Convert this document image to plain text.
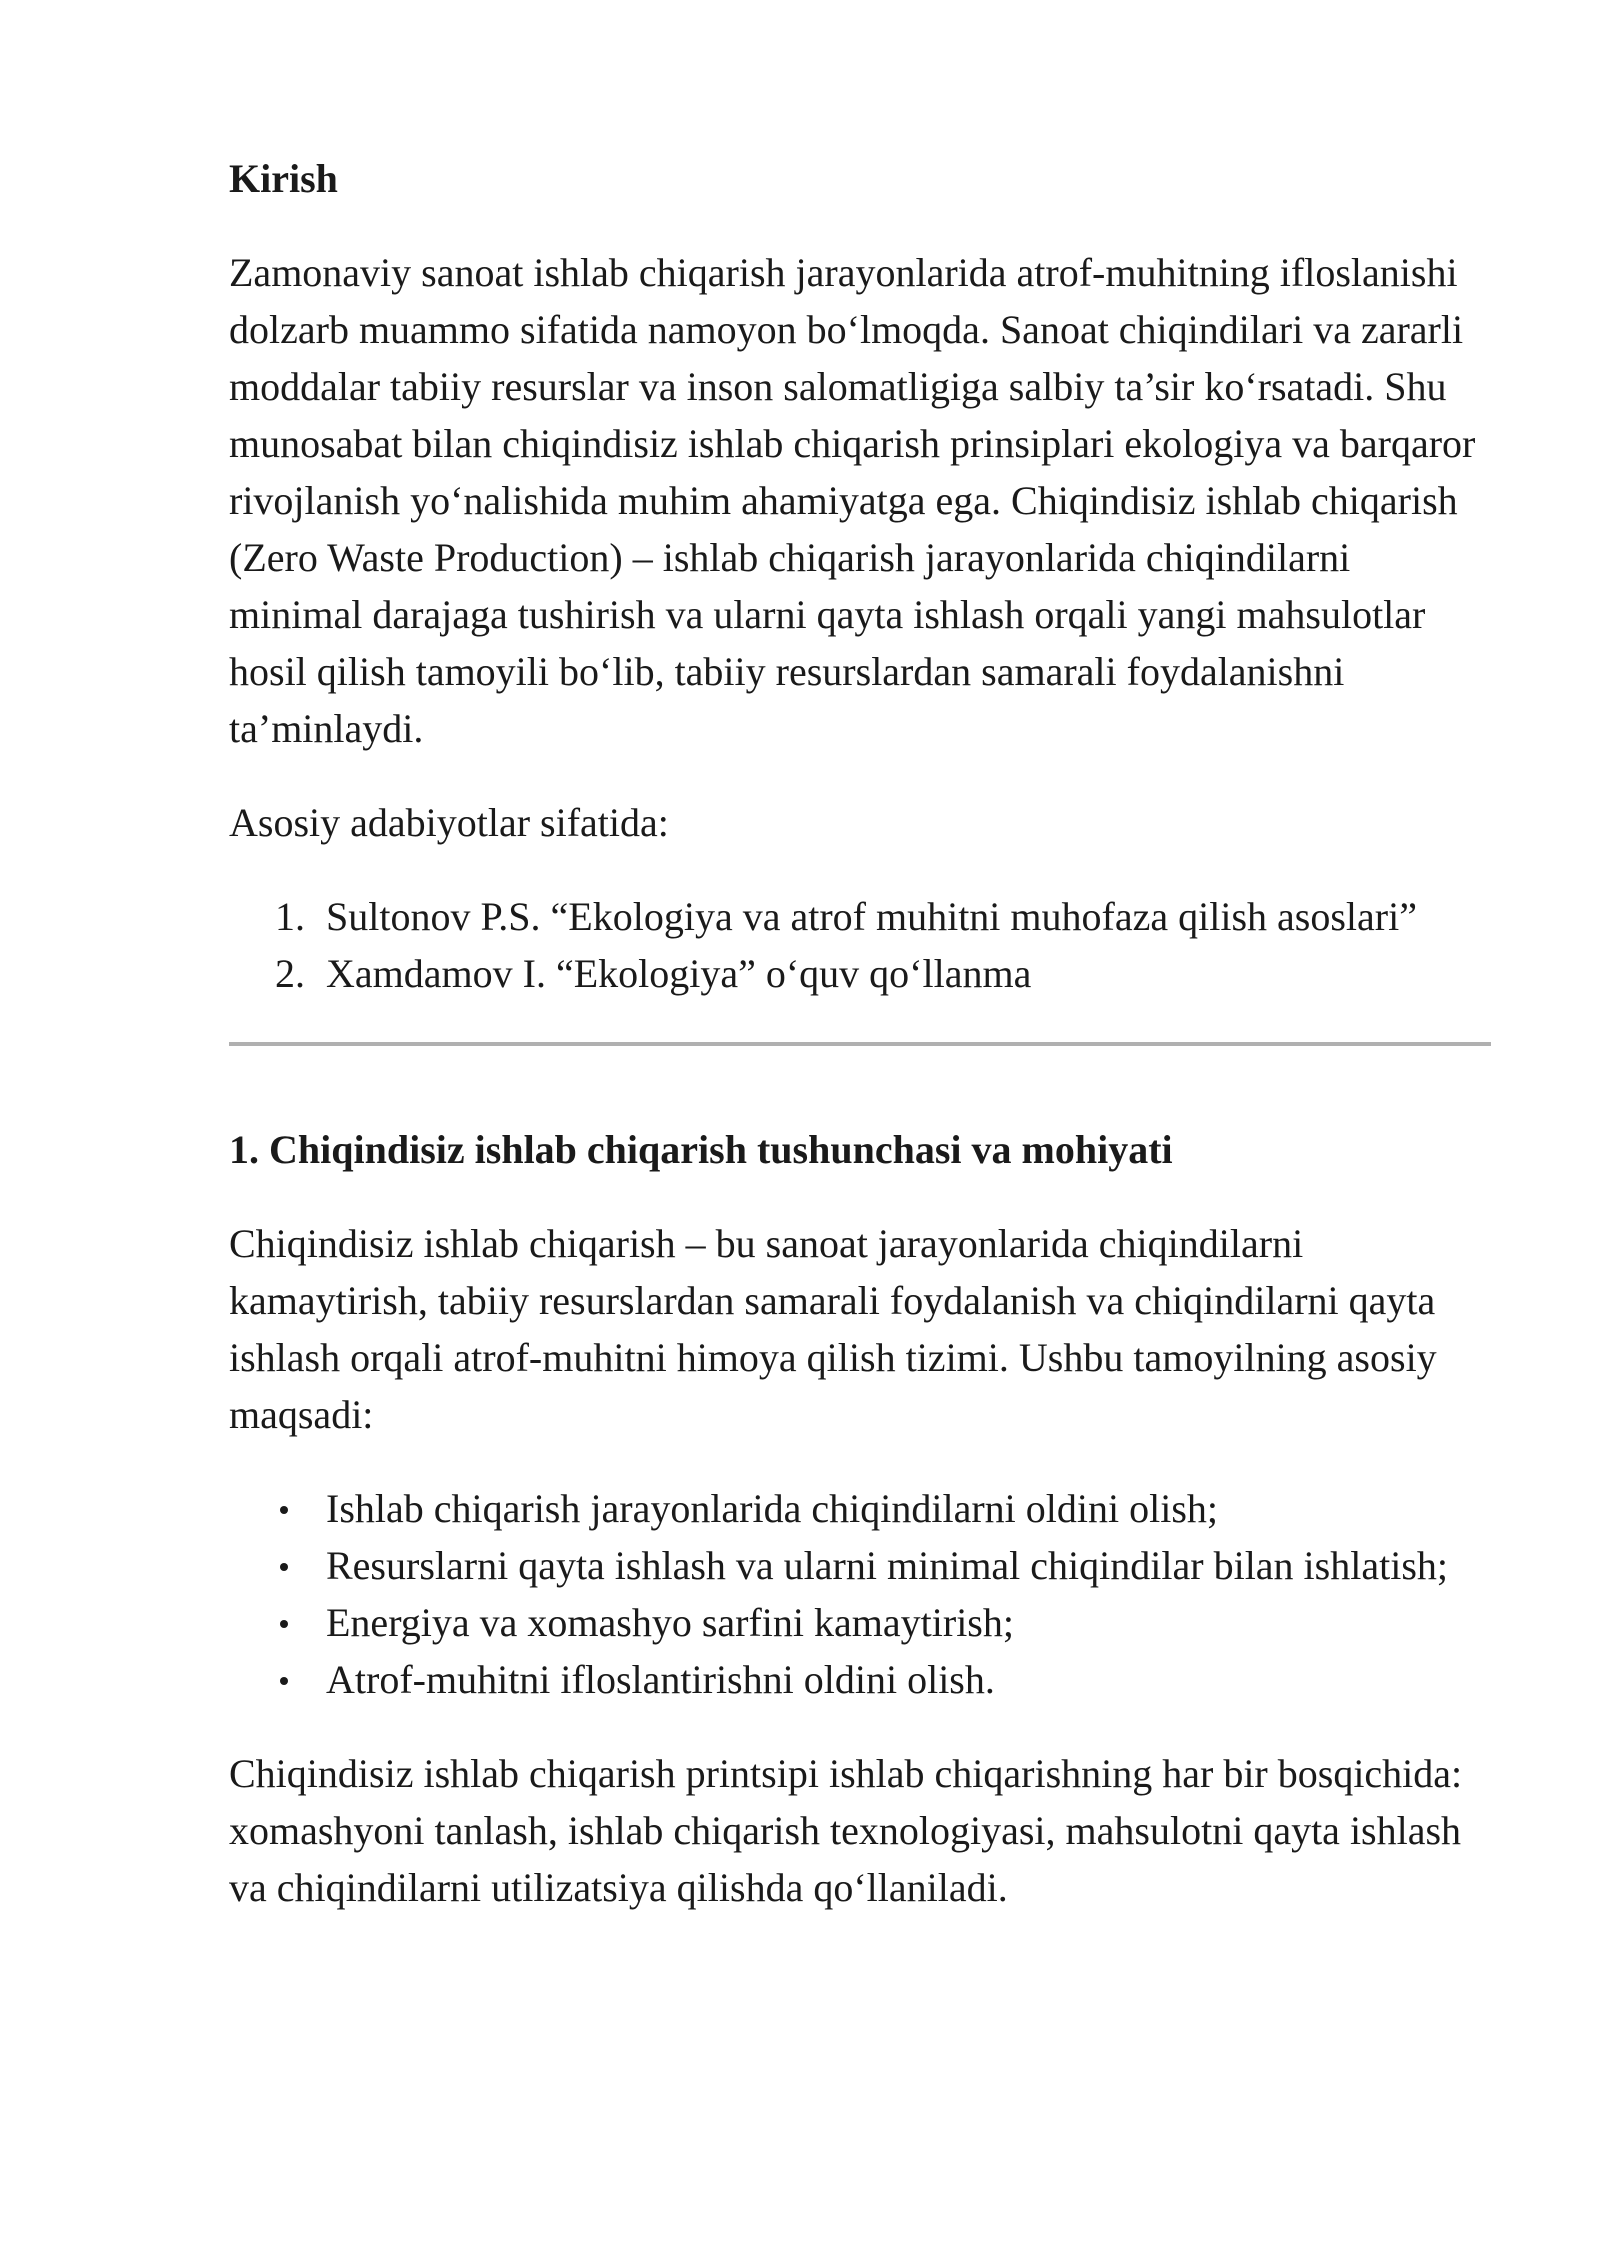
Kirish

Zamonaviy sanoat ishlab chiqarish jarayonlarida atrof-muhitning ifloslanishi dolzarb muammo sifatida namoyon bo‘lmoqda. Sanoat chiqindilari va zararli moddalar tabiiy resurslar va inson salomatligiga salbiy ta’sir ko‘rsatadi. Shu munosabat bilan chiqindisiz ishlab chiqarish prinsiplari ekologiya va barqaror rivojlanish yo‘nalishida muhim ahamiyatga ega. Chiqindisiz ishlab chiqarish (Zero Waste Production) – ishlab chiqarish jarayonlarida chiqindilarni minimal darajaga tushirish va ularni qayta ishlash orqali yangi mahsulotlar hosil qilish tamoyili bo‘lib, tabiiy resurslardan samarali foydalanishni ta’minlaydi.

Asosiy adabiyotlar sifatida:

1. Sultonov P.S. “Ekologiya va atrof muhitni muhofaza qilish asoslari”
2. Xamdamov I. “Ekologiya” o‘quv qo‘llanma
1. Chiqindisiz ishlab chiqarish tushunchasi va mohiyati

Chiqindisiz ishlab chiqarish – bu sanoat jarayonlarida chiqindilarni kamaytirish, tabiiy resurslardan samarali foydalanish va chiqindilarni qayta ishlash orqali atrof-muhitni himoya qilish tizimi. Ushbu tamoyilning asosiy maqsadi:

Ishlab chiqarish jarayonlarida chiqindilarni oldini olish;
Resurslarni qayta ishlash va ularni minimal chiqindilar bilan ishlatish;
Energiya va xomashyo sarfini kamaytirish;
Atrof-muhitni ifloslantirishni oldini olish.

Chiqindisiz ishlab chiqarish printsipi ishlab chiqarishning har bir bosqichida: xomashyoni tanlash, ishlab chiqarish texnologiyasi, mahsulotni qayta ishlash va chiqindilarni utilizatsiya qilishda qo‘llaniladi.
